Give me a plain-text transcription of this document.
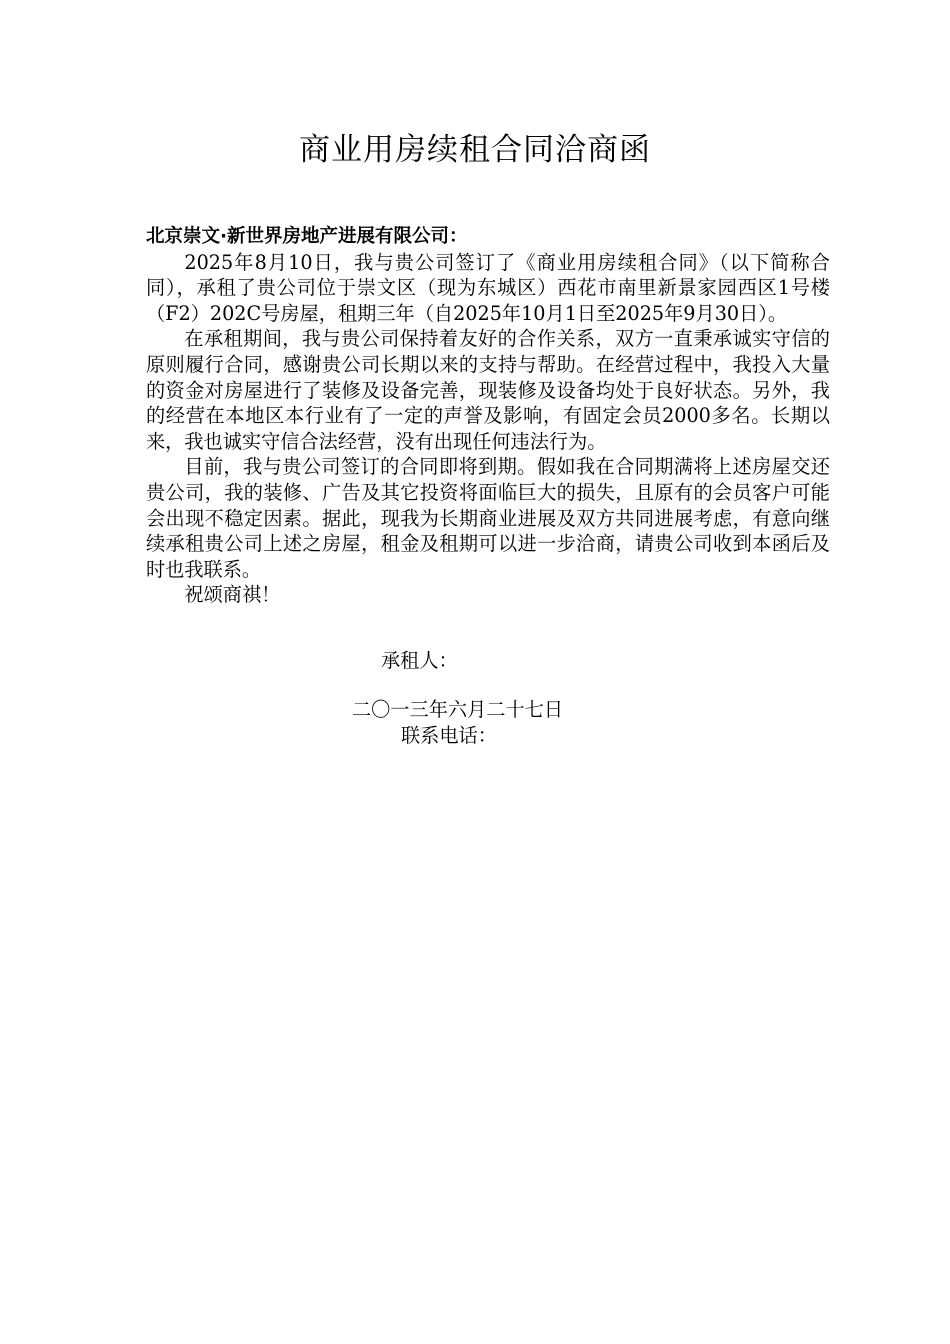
商业用房续租合同洽商函

北京崇文·新世界房地产进展有限公司：

2025年8月10日，我与贵公司签订了《商业用房续租合同》（以下简称合同），承租了贵公司位于崇文区（现为东城区）西花市南里新景家园西区1号楼（F2）202C号房屋，租期三年（自2025年10月1日至2025年9月30日）。

在承租期间，我与贵公司保持着友好的合作关系，双方一直秉承诚实守信的原则履行合同，感谢贵公司长期以来的支持与帮助。在经营过程中，我投入大量的资金对房屋进行了装修及设备完善，现装修及设备均处于良好状态。另外，我的经营在本地区本行业有了一定的声誉及影响，有固定会员2000多名。长期以来，我也诚实守信合法经营，没有出现任何违法行为。

目前，我与贵公司签订的合同即将到期。假如我在合同期满将上述房屋交还贵公司，我的装修、广告及其它投资将面临巨大的损失，且原有的会员客户可能会出现不稳定因素。据此，现我为长期商业进展及双方共同进展考虑，有意向继续承租贵公司上述之房屋，租金及租期可以进一步洽商，请贵公司收到本函后及时也我联系。

祝颂商祺！

承租人：

二〇一三年六月二十七日

联系电话：
